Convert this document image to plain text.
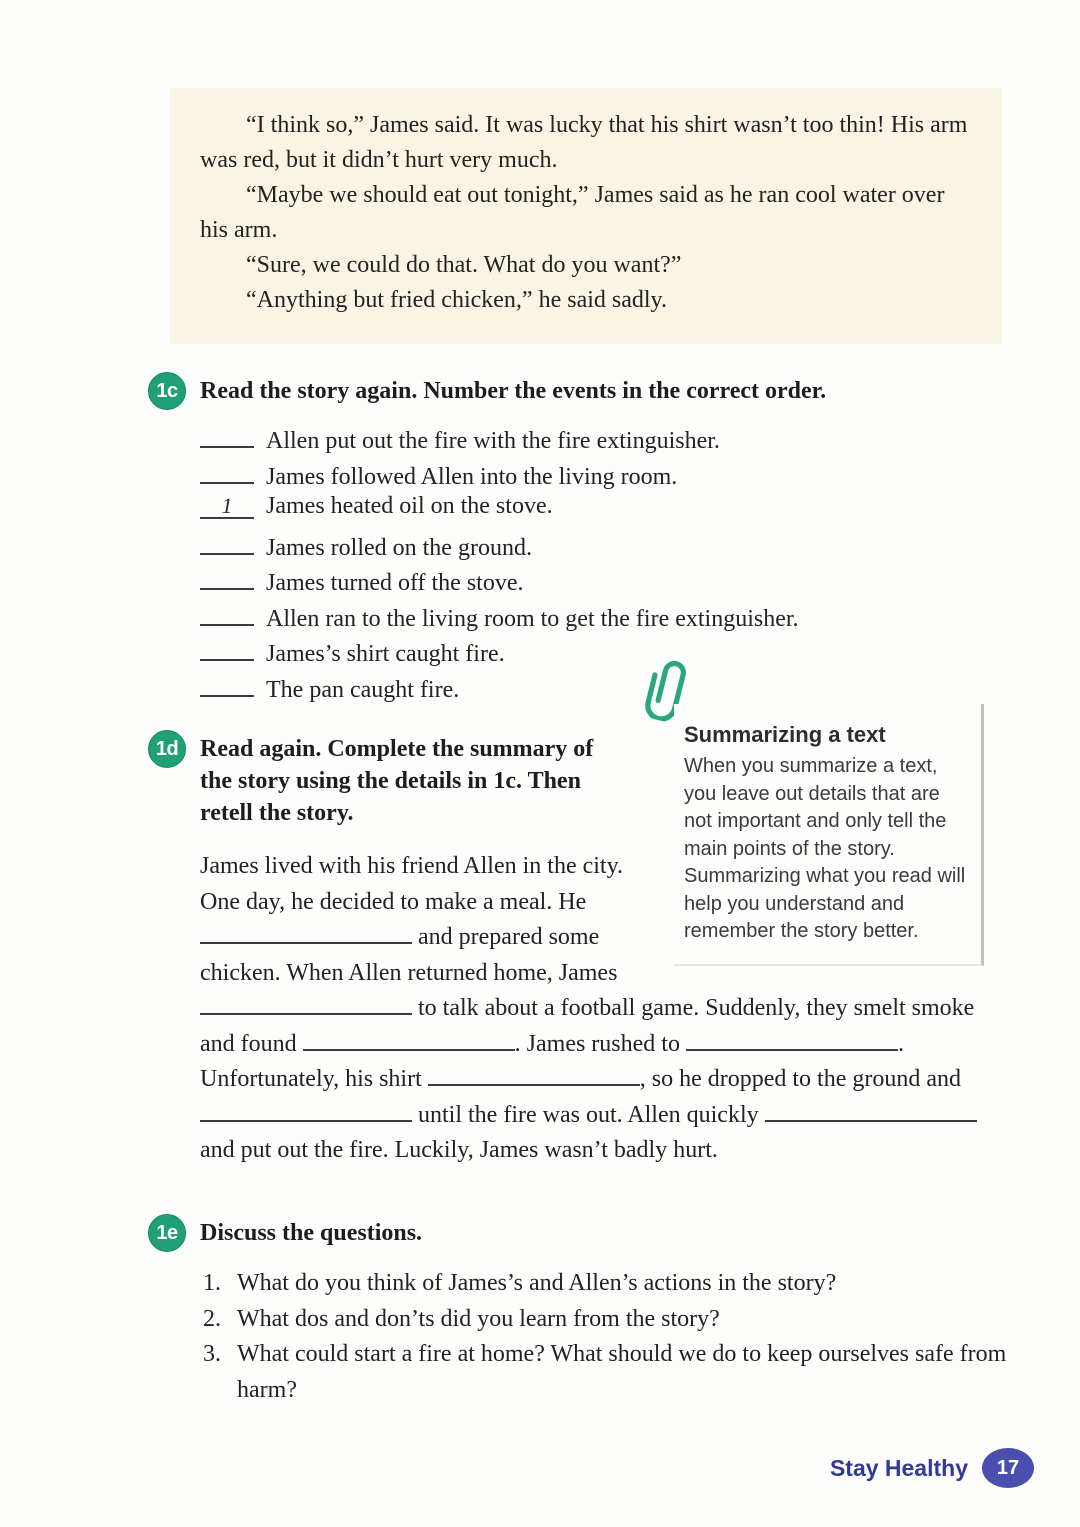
“I think so,” James said. It was lucky that his shirt wasn’t too thin! His arm was red, but it didn’t hurt very much.

“Maybe we should eat out tonight,” James said as he ran cool water over his arm.

“Sure, we could do that. What do you want?”

“Anything but fried chicken,” he said sadly.

1c Read the story again. Number the events in the correct order.
Allen put out the fire with the fire extinguisher.
James followed Allen into the living room.
1	James heated oil on the stove.
James rolled on the ground.
James turned off the stove.
Allen ran to the living room to get the fire extinguisher.
James’s shirt caught fire.
The pan caught fire.
Summarizing a text
When you summarize a text, you leave out details that are not important and only tell the main points of the story. Summarizing what you read will help you understand and remember the story better.
1d Read again. Complete the summary of the story using the details in 1c. Then retell the story.

James lived with his friend Allen in the city. One day, he decided to make a meal. He  and prepared some chicken. When Allen returned home, James  to talk about a football game. Suddenly, they smelt smoke and found	. James rushed to	. Unfortunately, his shirt	, so he dropped to the ground and  until the fire was out. Allen quickly  and put out the fire. Luckily, James wasn’t badly hurt.

1e Discuss the questions.
1. What do you think of James’s and Allen’s actions in the story?
2. What dos and don’ts did you learn from the story?
3. What could start a fire at home? What should we do to keep ourselves safe from harm?
Stay Healthy	17
